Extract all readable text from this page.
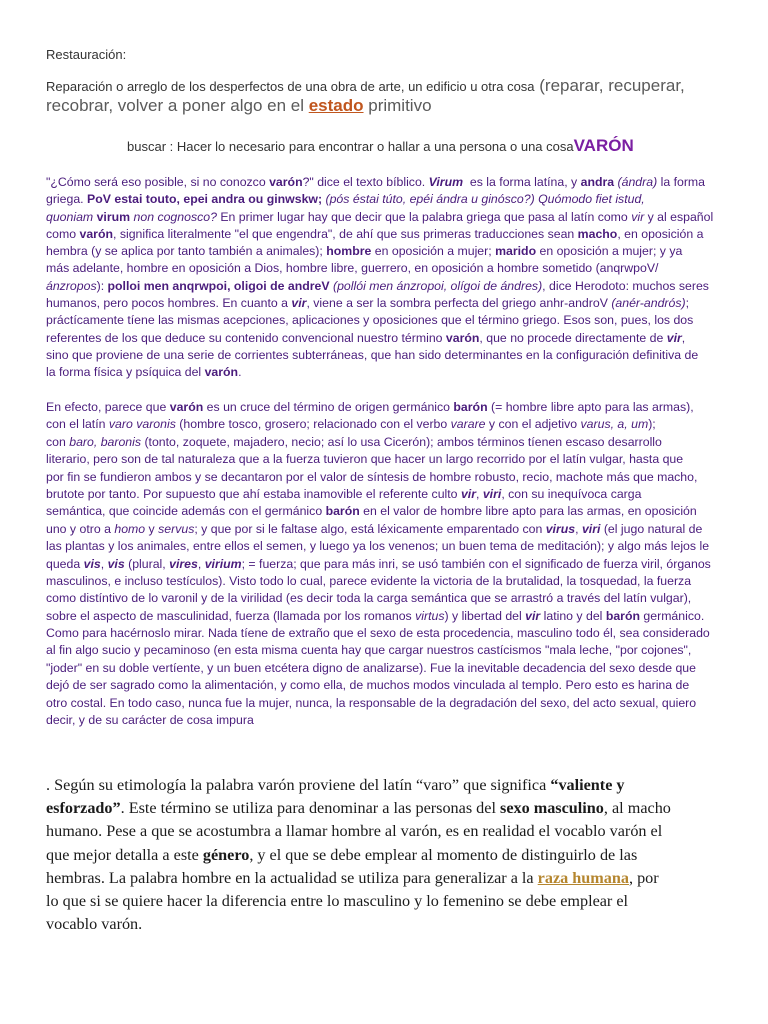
Restauración:
Reparación o arreglo de los desperfectos de una obra de arte, un edificio u otra cosa (reparar, recuperar,
recobrar, volver a poner algo en el estado primitivo
buscar : Hacer lo necesario para encontrar o hallar a una persona o una cosaVARÓN
"¿Cómo será eso posible, si no conozco varón?" dice el texto bíblico. Virum  es la forma latína, y andra (ándra) la forma
griega. PoV estai touto, epei andra ou ginwskw; (pós éstai túto, epéi ándra u ginósco?) Quómodo fiet istud,
quoniam virum non cognosco? En primer lugar hay que decir que la palabra griega que pasa al latín como vir y al español
como varón, significa literalmente "el que engendra", de ahí que sus primeras traducciones sean macho, en oposición a
hembra (y se aplica por tanto también a animales); hombre en oposición a mujer; marido en oposición a mujer; y ya
más adelante, hombre en oposición a Dios, hombre libre, guerrero, en oposición a hombre sometido (anqrwpoV/
ánzropos): polloi men anqrwpoi, oligoi de andreV (pollói men ánzropoi, olígoi de ándres), dice Herodoto: muchos seres
humanos, pero pocos hombres. En cuanto a vir, viene a ser la sombra perfecta del griego anhr-androV (anér-andrós);
práctícamente tíene las mismas acepciones, aplicaciones y oposiciones que el término griego. Esos son, pues, los dos
referentes de los que deduce su contenido convencional nuestro término varón, que no procede directamente de vir,
sino que proviene de una serie de corrientes subterráneas, que han sido determinantes en la configuración definitiva de
la forma física y psíquica del varón.
En efecto, parece que varón es un cruce del término de origen germánico barón (= hombre libre apto para las armas),
con el latín varo varonis (hombre tosco, grosero; relacionado con el verbo varare y con el adjetivo varus, a, um);
con baro, baronis (tonto, zoquete, majadero, necio; así lo usa Cicerón); ambos términos tíenen escaso desarrollo
literario, pero son de tal naturaleza que a la fuerza tuvieron que hacer un largo recorrido por el latín vulgar, hasta que
por fin se fundieron ambos y se decantaron por el valor de síntesis de hombre robusto, recio, machote más que macho,
brutote por tanto. Por supuesto que ahí estaba inamovible el referente culto vir, viri, con su inequívoca carga
semántica, que coincide además con el germánico barón en el valor de hombre libre apto para las armas, en oposición
uno y otro a homo y servus; y que por si le faltase algo, está léxicamente emparentado con virus, viri (el jugo natural de
las plantas y los animales, entre ellos el semen, y luego ya los venenos; un buen tema de meditación); y algo más lejos le
queda vis, vis (plural, vires, virium; = fuerza; que para más inri, se usó también con el significado de fuerza viril, órganos
masculinos, e incluso testículos). Visto todo lo cual, parece evidente la victoria de la brutalidad, la tosquedad, la fuerza
como distíntivo de lo varonil y de la virilidad (es decir toda la carga semántica que se arrastró a través del latín vulgar),
sobre el aspecto de masculinidad, fuerza (llamada por los romanos virtus) y libertad del vir latino y del barón germánico.
Como para hacérnoslo mirar. Nada tíene de extraño que el sexo de esta procedencia, masculino todo él, sea considerado
al fin algo sucio y pecaminoso (en esta misma cuenta hay que cargar nuestros castícismos "mala leche, "por cojones",
"joder" en su doble vertíente, y un buen etcétera digno de analizarse). Fue la inevitable decadencia del sexo desde que
dejó de ser sagrado como la alimentación, y como ella, de muchos modos vinculada al templo. Pero esto es harina de
otro costal. En todo caso, nunca fue la mujer, nunca, la responsable de la degradación del sexo, del acto sexual, quiero
decir, y de su carácter de cosa impura
. Según su etimología la palabra varón proviene del latín “varo” que significa “valiente y
esforzado”. Este término se utiliza para denominar a las personas del sexo masculino, al macho
humano. Pese a que se acostumbra a llamar hombre al varón, es en realidad el vocablo varón el
que mejor detalla a este género, y el que se debe emplear al momento de distinguirlo de las
hembras. La palabra hombre en la actualidad se utiliza para generalizar a la raza humana, por
lo que si se quiere hacer la diferencia entre lo masculino y lo femenino se debe emplear el
vocablo varón.
